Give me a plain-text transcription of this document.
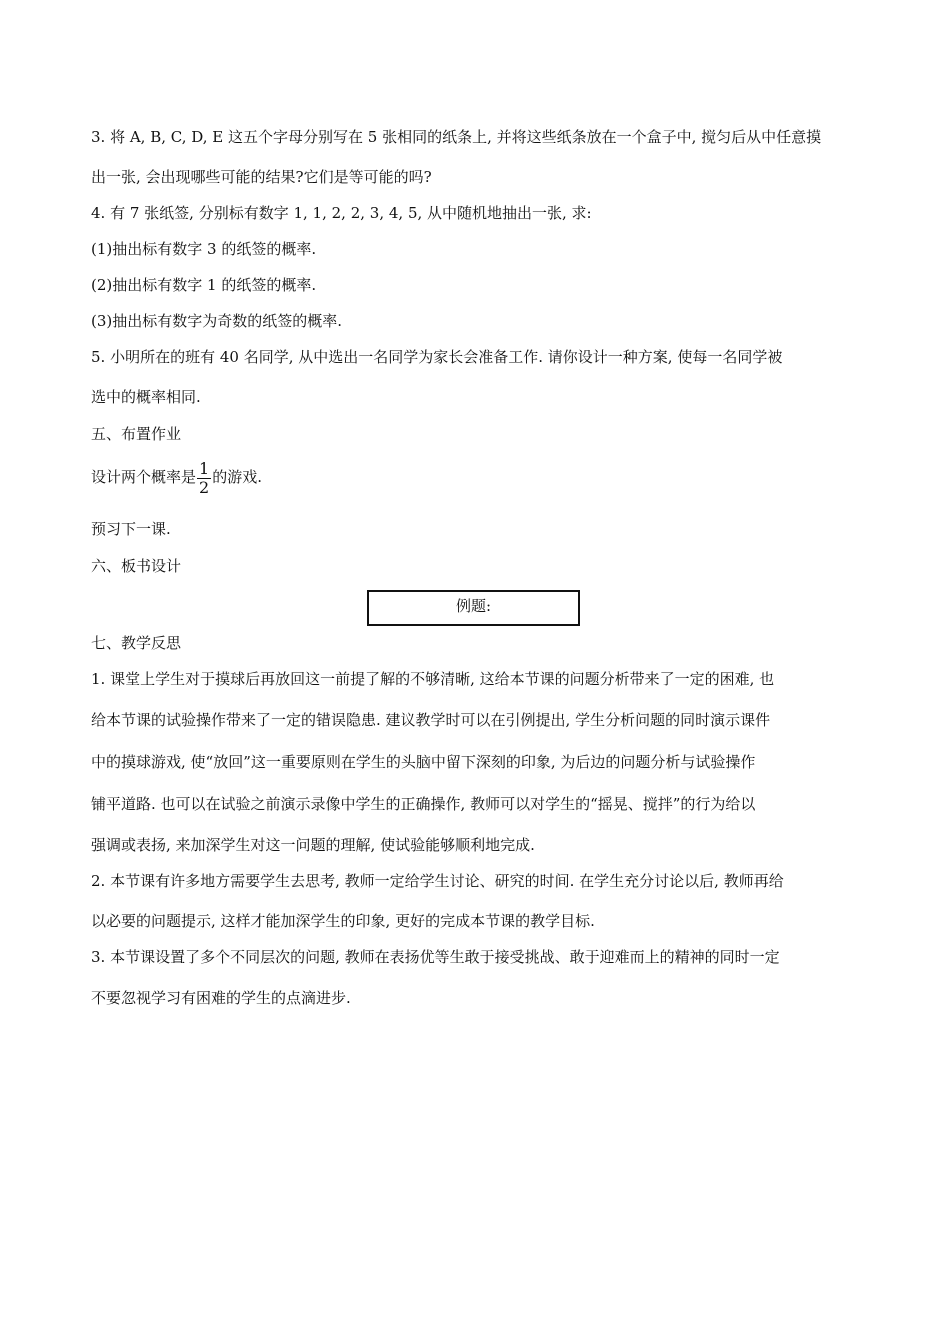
3. 将 A, B, C, D, E 这五个字母分别写在 5 张相同的纸条上, 并将这些纸条放在一个盒子中, 搅匀后从中任意摸
出一张, 会出现哪些可能的结果?它们是等可能的吗?
4. 有 7 张纸签, 分别标有数字 1, 1, 2, 2, 3, 4, 5, 从中随机地抽出一张, 求:
(1)抽出标有数字 3 的纸签的概率.
(2)抽出标有数字 1 的纸签的概率.
(3)抽出标有数字为奇数的纸签的概率.
5. 小明所在的班有 40 名同学, 从中选出一名同学为家长会准备工作. 请你设计一种方案, 使每一名同学被
选中的概率相同.
五、布置作业
设计两个概率是 $\frac{1}{2}$ 的游戏.
预习下一课.
六、板书设计
例题:
七、教学反思
1. 课堂上学生对于摸球后再放回这一前提了解的不够清晰, 这给本节课的问题分析带来了一定的困难, 也
给本节课的试验操作带来了一定的错误隐患. 建议教学时可以在引例提出, 学生分析问题的同时演示课件
中的摸球游戏, 使“放回”这一重要原则在学生的头脑中留下深刻的印象, 为后边的问题分析与试验操作
铺平道路. 也可以在试验之前演示录像中学生的正确操作, 教师可以对学生的“摇晃、搅拌”的行为给以
强调或表扬, 来加深学生对这一问题的理解, 使试验能够顺利地完成.
2. 本节课有许多地方需要学生去思考, 教师一定给学生讨论、研究的时间. 在学生充分讨论以后, 教师再给
以必要的问题提示, 这样才能加深学生的印象, 更好的完成本节课的教学目标.
3. 本节课设置了多个不同层次的问题, 教师在表扬优等生敢于接受挑战、敢于迎难而上的精神的同时一定
不要忽视学习有困难的学生的点滴进步.
